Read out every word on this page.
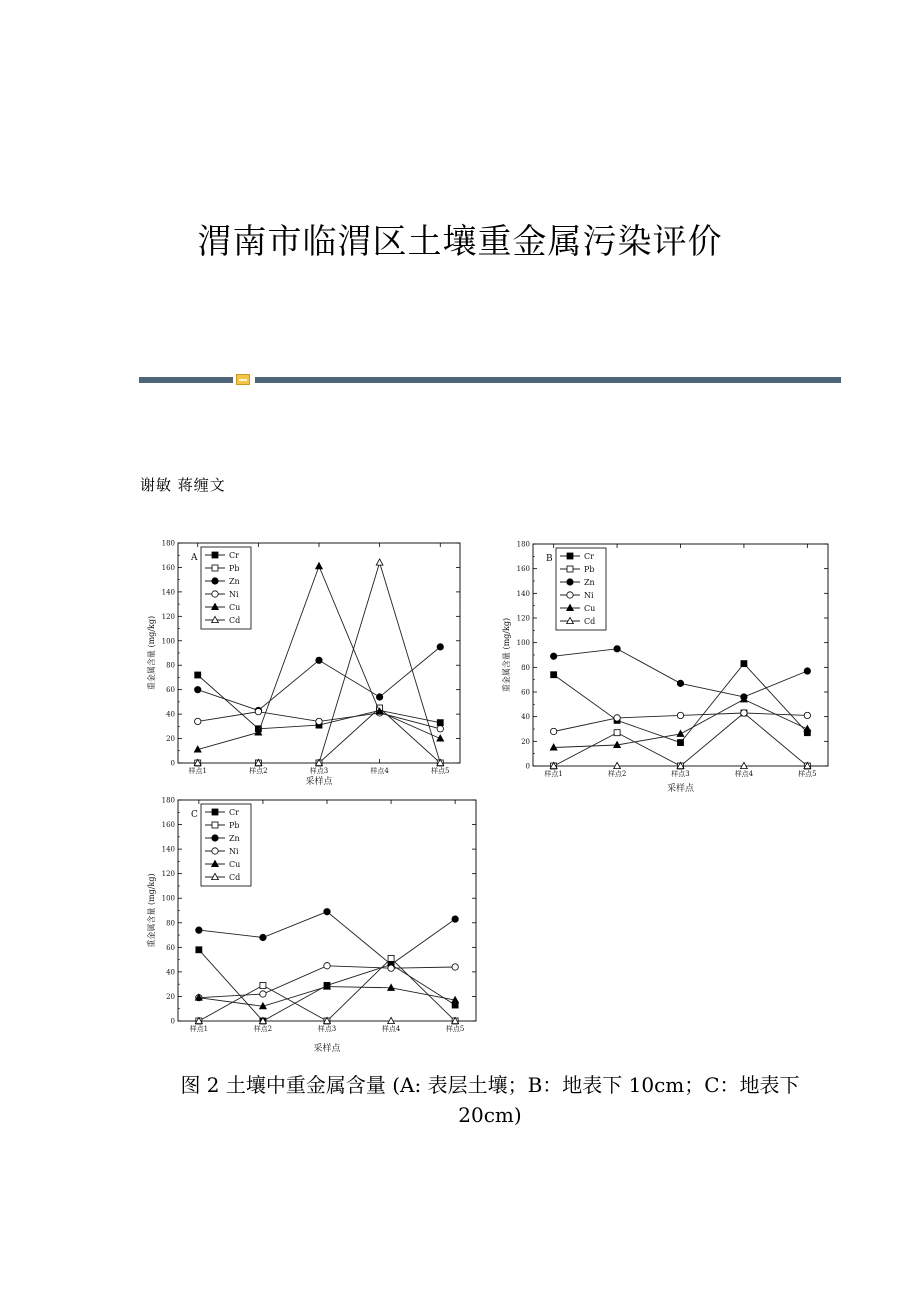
渭南市临渭区土壤重金属污染评价
谢敏 蒋缠文
0
20
40
60
80
100
120
140
160
180
样点1	样点2	样点3	样点4	样点5
采样点
重金属含量 (mg/kg)
A	Cr
Pb
Zn
Ni
Cu
Cd
0
20
40
60
80
100
120
140
160
180
样点1	样点2	样点3	样点4	样点5
采样点
重金属含量 (mg/kg)
B	Cr
Pb
Zn
Ni
Cu
Cd
0
20
40
60
80
100
120
140
160
180
样点1	样点2	样点3	样点4	样点5
采样点
重金属含量 (mg/kg)
C	Cr
Pb
Zn
Ni
Cu
Cd
图 2 土壤中重金属含量 (A: 表层土壤；B：地表下 10cm；C：地表下
20cm)
